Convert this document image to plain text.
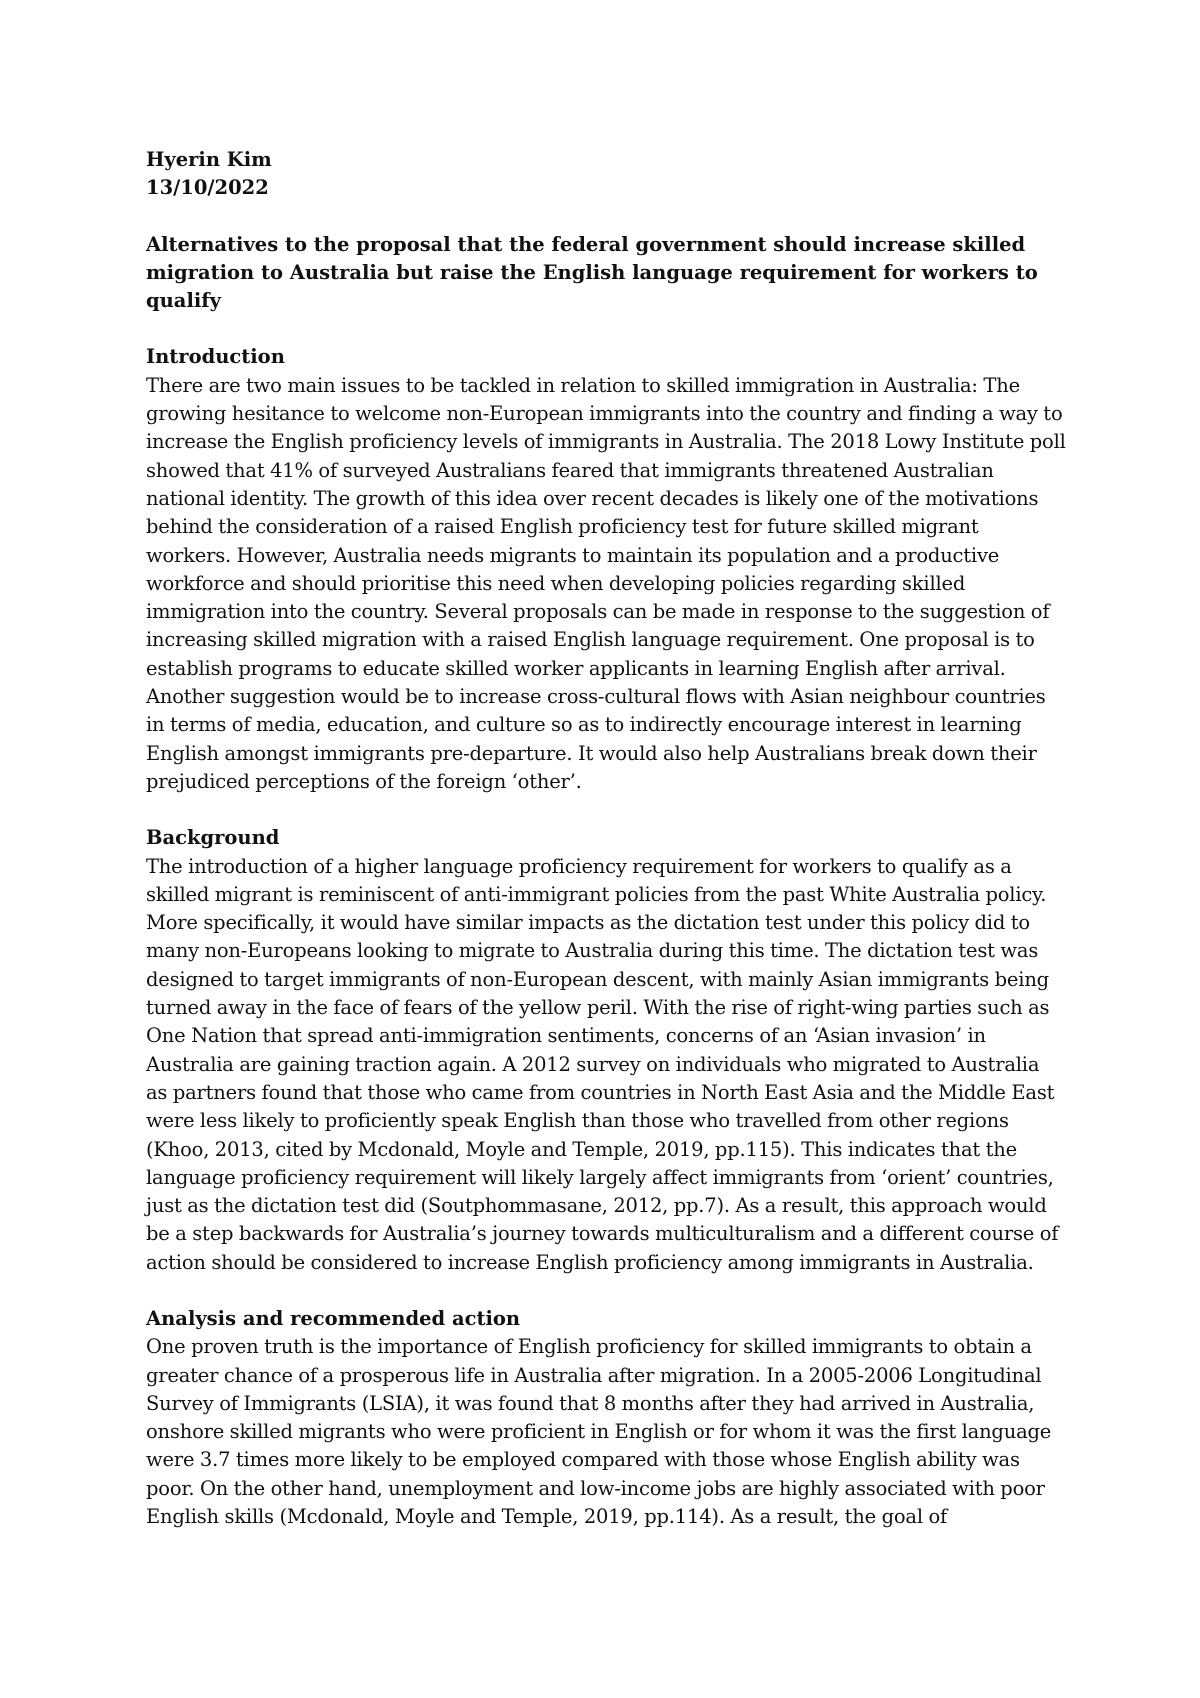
Hyerin Kim

13/10/2022

Alternatives to the proposal that the federal government should increase skilled migration to Australia but raise the English language requirement for workers to qualify
Introduction

There are two main issues to be tackled in relation to skilled immigration in Australia: The growing hesitance to welcome non-European immigrants into the country and finding a way to increase the English proficiency levels of immigrants in Australia. The 2018 Lowy Institute poll showed that 41% of surveyed Australians feared that immigrants threatened Australian national identity. The growth of this idea over recent decades is likely one of the motivations behind the consideration of a raised English proficiency test for future skilled migrant workers. However, Australia needs migrants to maintain its population and a productive workforce and should prioritise this need when developing policies regarding skilled immigration into the country. Several proposals can be made in response to the suggestion of increasing skilled migration with a raised English language requirement. One proposal is to establish programs to educate skilled worker applicants in learning English after arrival. Another suggestion would be to increase cross-cultural flows with Asian neighbour countries in terms of media, education, and culture so as to indirectly encourage interest in learning English amongst immigrants pre-departure. It would also help Australians break down their prejudiced perceptions of the foreign ‘other’.

Background

The introduction of a higher language proficiency requirement for workers to qualify as a skilled migrant is reminiscent of anti-immigrant policies from the past White Australia policy. More specifically, it would have similar impacts as the dictation test under this policy did to many non-Europeans looking to migrate to Australia during this time. The dictation test was designed to target immigrants of non-European descent, with mainly Asian immigrants being turned away in the face of fears of the yellow peril. With the rise of right-wing parties such as One Nation that spread anti-immigration sentiments, concerns of an ‘Asian invasion’ in Australia are gaining traction again. A 2012 survey on individuals who migrated to Australia as partners found that those who came from countries in North East Asia and the Middle East were less likely to proficiently speak English than those who travelled from other regions (Khoo, 2013, cited by Mcdonald, Moyle and Temple, 2019, pp.115). This indicates that the language proficiency requirement will likely largely affect immigrants from ‘orient’ countries, just as the dictation test did (Soutphommasane, 2012, pp.7). As a result, this approach would be a step backwards for Australia’s journey towards multiculturalism and a different course of action should be considered to increase English proficiency among immigrants in Australia.

Analysis and recommended action

One proven truth is the importance of English proficiency for skilled immigrants to obtain a greater chance of a prosperous life in Australia after migration. In a 2005-2006 Longitudinal Survey of Immigrants (LSIA), it was found that 8 months after they had arrived in Australia, onshore skilled migrants who were proficient in English or for whom it was the first language were 3.7 times more likely to be employed compared with those whose English ability was poor. On the other hand, unemployment and low-income jobs are highly associated with poor English skills (Mcdonald, Moyle and Temple, 2019, pp.114). As a result, the goal of
